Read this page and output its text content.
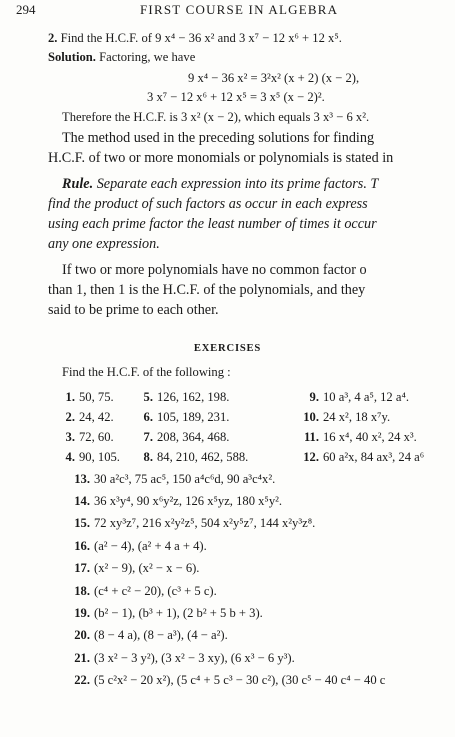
294	FIRST COURSE IN ALGEBRA
2. Find the H.C.F. of 9 x⁴ − 36 x² and 3 x⁷ − 12 x⁶ + 12 x⁵.
Solution. Factoring, we have
9 x⁴ − 36 x² = 3²x² (x + 2) (x − 2),
3 x⁷ − 12 x⁶ + 12 x⁵ = 3 x⁵ (x − 2)².
Therefore the H.C.F. is 3 x² (x − 2), which equals 3 x³ − 6 x².
The method used in the preceding solutions for finding
H.C.F. of two or more monomials or polynomials is stated in
Rule. Separate each expression into its prime factors. T
find the product of such factors as occur in each express
using each prime factor the least number of times it occur
any one expression.
If two or more polynomials have no common factor o
than 1, then 1 is the H.C.F. of the polynomials, and they
said to be prime to each other.
EXERCISES
Find the H.C.F. of the following :
1. 50, 75.
2. 24, 42.
3. 72, 60.
4. 90, 105.
5. 126, 162, 198.
6. 105, 189, 231.
7. 208, 364, 468.
8. 84, 210, 462, 588.
9. 10 a³, 4 a⁵, 12 a⁴.
10. 24 x², 18 x⁷y.
11. 16 x⁴, 40 x², 24 x³.
12. 60 a²x, 84 ax³, 24 a⁶
13. 30 a²c³, 75 ac⁵, 150 a⁴c⁶d, 90 a³c⁴x².
14. 36 x³y⁴, 90 x⁶y²z, 126 x⁵yz, 180 x⁵y².
15. 72 xy³z⁷, 216 x²y²z⁵, 504 x²y⁵z⁷, 144 x²y³z⁸.
16. (a² − 4), (a² + 4 a + 4).
17. (x² − 9), (x² − x − 6).
18. (c⁴ + c² − 20), (c³ + 5 c).
19. (b² − 1), (b³ + 1), (2 b² + 5 b + 3).
20. (8 − 4 a), (8 − a³), (4 − a²).
21. (3 x² − 3 y²), (3 x² − 3 xy), (6 x³ − 6 y³).
22. (5 c²x² − 20 x²), (5 c⁴ + 5 c³ − 30 c²), (30 c⁵ − 40 c⁴ − 40 c
